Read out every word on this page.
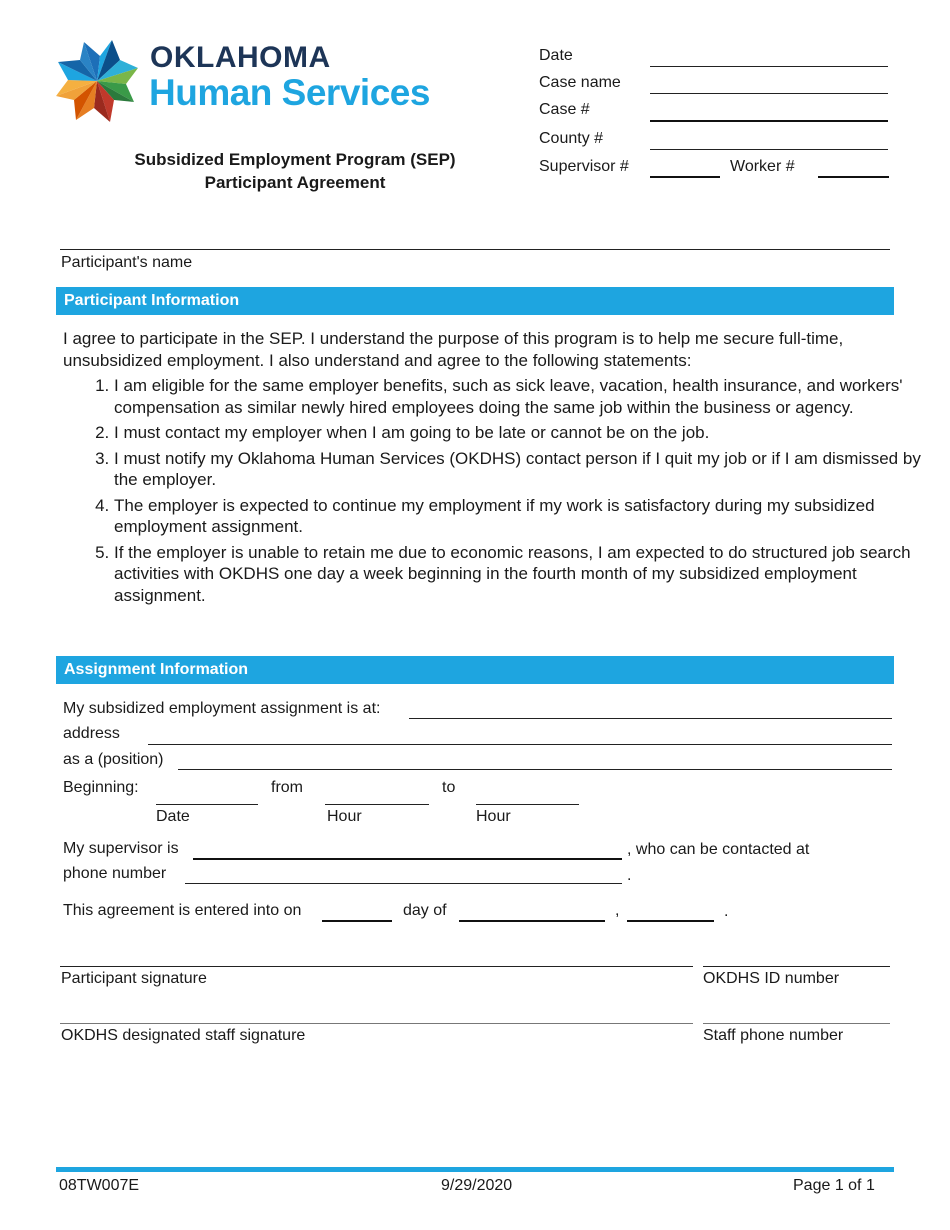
OKLAHOMA
Human Services
Subsidized Employment Program (SEP)
Participant Agreement
Date
Case name
Case #
County #
Supervisor #	Worker #
Participant's name
Participant Information
I agree to participate in the SEP. I understand the purpose of this program is to help me secure full-time, unsubsidized employment. I also understand and agree to the following statements:
1. I am eligible for the same employer benefits, such as sick leave, vacation, health insurance, and workers' compensation as similar newly hired employees doing the same job within the business or agency.
2. I must contact my employer when I am going to be late or cannot be on the job.
3. I must notify my Oklahoma Human Services (OKDHS) contact person if I quit my job or if I am dismissed by the employer.
4. The employer is expected to continue my employment if my work is satisfactory during my subsidized employment assignment.
5. If the employer is unable to retain me due to economic reasons, I am expected to do structured job search activities with OKDHS one day a week beginning in the fourth month of my subsidized employment assignment.
Assignment Information
My subsidized employment assignment is at:
address
as a (position)
Beginning:	from	to
Date	Hour	Hour
My supervisor is	, who can be contacted at
phone number	.
This agreement is entered into on	day of	,	.
Participant signature	OKDHS ID number
OKDHS designated staff signature	Staff phone number
08TW007E	9/29/2020	Page 1 of 1
